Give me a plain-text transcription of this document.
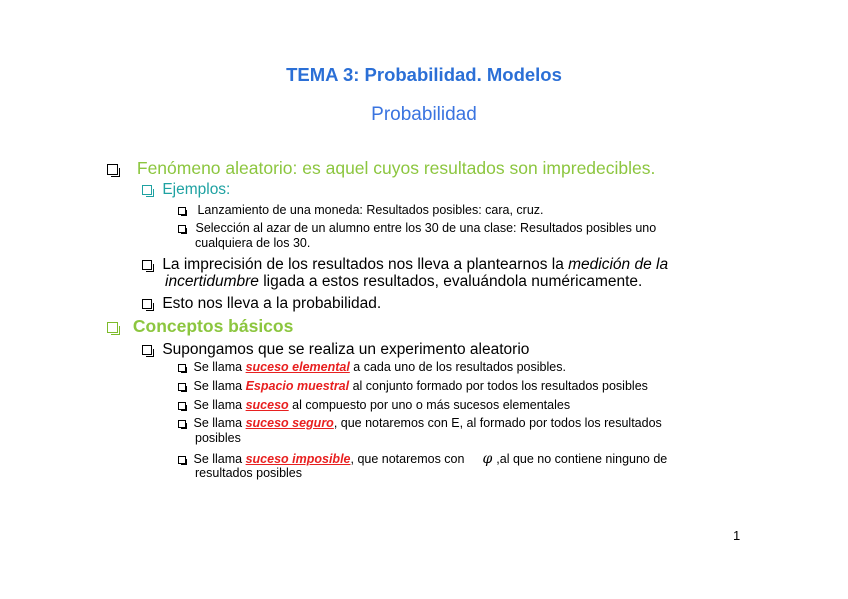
TEMA 3: Probabilidad. Modelos
Probabilidad
Fenómeno aleatorio: es aquel cuyos resultados son impredecibles.
Ejemplos:
Lanzamiento de una moneda: Resultados posibles: cara, cruz.
Selección al azar de un alumno entre los 30 de una clase: Resultados posibles uno
cualquiera de los 30.
La imprecisión de los resultados nos lleva a plantearnos la medición de la
incertidumbre ligada a estos resultados, evaluándola numéricamente.
Esto nos lleva a la probabilidad.
Conceptos básicos
Supongamos que se realiza un experimento aleatorio
Se llama suceso elemental a cada uno de los resultados posibles.
Se llama Espacio muestral al conjunto formado por todos los resultados posibles
Se llama suceso al compuesto por uno o más sucesos elementales
Se llama suceso seguro, que notaremos con E, al formado por todos los resultados
posibles
Se llama suceso imposible, que notaremos con φ ,al que no contiene ninguno de
resultados posibles
1
